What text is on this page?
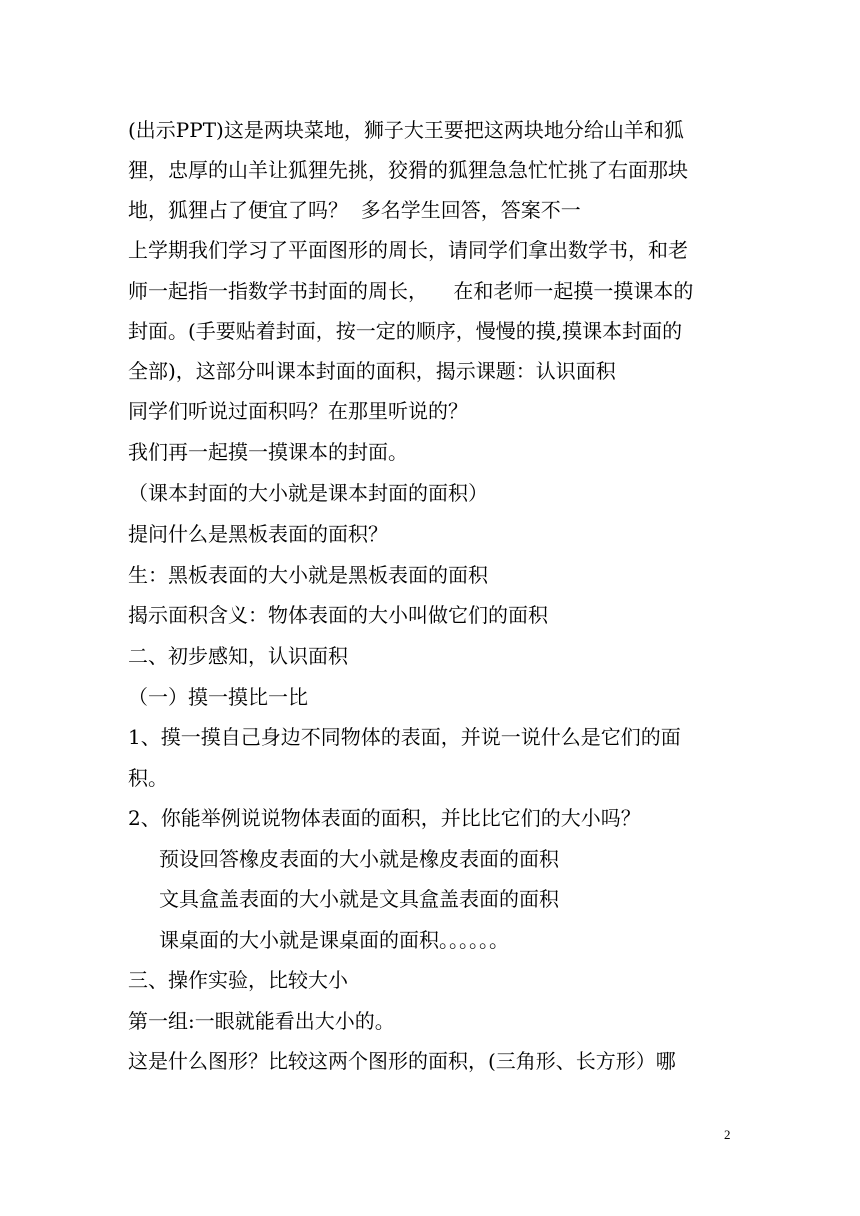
(出示PPT)这是两块菜地，狮子大王要把这两块地分给山羊和狐
狸，忠厚的山羊让狐狸先挑，狡猾的狐狸急急忙忙挑了右面那块
地，狐狸占了便宜了吗？  多名学生回答，答案不一
上学期我们学习了平面图形的周长，请同学们拿出数学书，和老
师一起指一指数学书封面的周长，    在和老师一起摸一摸课本的
封面。(手要贴着封面，按一定的顺序，慢慢的摸,摸课本封面的
全部)，这部分叫课本封面的面积，揭示课题：认识面积
同学们听说过面积吗？在那里听说的？
我们再一起摸一摸课本的封面。
（课本封面的大小就是课本封面的面积）
提问什么是黑板表面的面积？
生：黑板表面的大小就是黑板表面的面积
揭示面积含义：物体表面的大小叫做它们的面积
二、初步感知，认识面积
（一）摸一摸比一比
1、摸一摸自己身边不同物体的表面，并说一说什么是它们的面
积。
2、你能举例说说物体表面的面积，并比比它们的大小吗？
预设回答橡皮表面的大小就是橡皮表面的面积
文具盒盖表面的大小就是文具盒盖表面的面积
课桌面的大小就是课桌面的面积。。。。。。
三、操作实验，比较大小
第一组:一眼就能看出大小的。
这是什么图形？比较这两个图形的面积，(三角形、长方形）哪
2
